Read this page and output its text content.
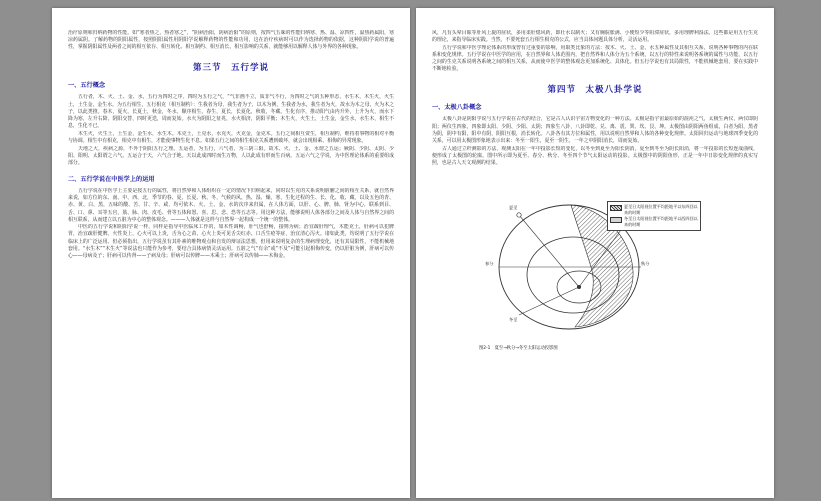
治疗原则和归纳药物的性能。如“寒者热之，热者寒之”，“阴病治阳，阴病治阳”的原则，按四气五味的性能归纳寒、热、温、凉四性，温热药属阳，寒凉药属阴。了解药物的阴阳属性，按照阴阳属性用阴阳学说解释药物的性能和功用，这在治疗疾病时可以作为选择药物的依据，这种阴阳学说的普遍性，掌握阴阳属性及两者之间的相互依存、相互转化、相互制约、相互消长、相互影响的关系，就能够用以解释人体与外界的各种现象。

第三节　五行学说
一、五行概念

五行者，木、火、土、金、水，五行为四时之序，四时为五行之气，“气非画不立，质非气不行，为四时之气的五种形态，水生木，木生火，火生土，土生金，金生水。为五行相生，五行相克（相互制约）：生我者为母，我生者为子，以木为例，生我者为水，我生者为火，故水为木之母，火为木之子，以此类推。春木，夏火，长夏土，秋金，冬水，顺序相生，春生，夏长，长夏化，秋收，冬藏，生化有序，推动阳气由内升外，上升为火，而水下降为寒，左升右降，阴阳交替，四时更迭，周而复始。水火为阴阳之征兆，水火相济，阴阳平衡；木生火，火生土，土生金，金生水，水生木，相生不息，生化不已。

木生火，火生土，土生金，金生水，水生木。木克土，土克水，水克火，火克金，金克木。五行之间相互资生，相互制约，维持着事物的相对平衡与协调。相生中有相克，相克中有相生，才能使事物生化不息。如果五行之间的相生相克关系遭到破坏，就会出现相乘、相侮的异常现象。

天地之大，疾病之源，不外于阴阳五行之理。五运者，为五行，六气者，为三阴三阳。故木、火、土、金、水谓之五运；厥阴、少阴、太阴、少阳、阳明、太阳谓之六气。五运合于天，六气合于地。天以此成四时而生万物，人以此成有形而生百病。五运六气之学说，为中医理论体系的重要组成部分。

二、五行学说在中医学上的运用

五行学说在中医学上主要是按五行的属性，将自然界和人体组织在一定的情况下归纳起来，同时以生克的关系说明脏腑之间的相互关系，就自然界来说，如方位的东、南、中、西、北，季节的春、夏、长夏、秋、冬，气候的风、热、湿、燥、寒，生化过程的生、长、化、收、藏，以及五色的青、赤、黄、白、黑，五味的酸、苦、甘、辛、咸，均可依木、火、土、金、水的次序来归属，在人体方面，以肝、心、脾、肺、肾为中心，联系到目、舌、口、鼻、耳等五官，筋、脉、肉、皮毛、骨等五体和怒、喜、思、悲、恐等五志等。用这种方法，能够说明人体各部分之间及人体与自然界之间的相互联系，从而建立以五脏为中心的整体观念。———人体就是这样与自然界一起构成一个统一的整体。

中医的五行学说和阴阳学说一样，同样是指导中医临床工作的，如木性调畅，肝气也舒畅，接则为病；治宜疏肝理气，木能克土，肝病可以犯脾胃，治宜疏肝健脾。火性炎上，心火可以上炎，舌为心之苗，心火上炎可见舌尖红赤、口舌生疮等症，治宜清心泻火。诸如此类，均说明了五行学说在临床上的广泛运用。但必须指出，五行学说虽有其朴素的唯物观点和自发的辩证法思想，但用来说明复杂的生理病理变化，还有其局限性，不能机械地套用。“水生木”“木生火”等说法也只能作为参考，要结合具体病情灵活运用。五脏之气“有余”或“不及”可能引起相侮传变，仍以肝脏为例，肝病可以传心——母病及子；肝病可以传肾——子病及母；肝病可以传脾——木乘土；肝病可以传肺——木侮金。

风，凡有头晕目眩等肝风上旋的症状，多用柔肝熄风药，即壮水以制火；又有胸脘胀满、小便短少等阻滞症状，多用理脾利湿法。这些都是用五行生克的理论，来指导临床实践。当然，不要死套五行相生相克的公式，应当具体问题具体分析，灵活运用。

五行学说和中医学理论体系的形成曾有过重要的影响，用取类比象的方法：按木、火、土、金、水五种属性及其相互关系，说明各种事物的内在联系和变化规律。五行学说在中医学的应用，在自然界和人体范围内，把自然界和人体分为五个系统，以五行的特性来说明各系统的属性与功能，以五行之间的生克关系说明各系统之间的相互关系，从而使中医学的整体观念更加系统化、具体化。但五行学说也有其局限性，不能机械地套用，要在实践中不断地检验。

第四节　太极八卦学说
一、太极八卦概念

太极八卦是阴阳学说与五行学说在古代的结合，它是古人认识宇宙万物变化的一种方法。太极是指宇宙最原始的混沌之气，太极生两仪，两仪即阴阳；两仪生四象，四象即太阳、少阴、少阳、太阴；四象生八卦，八卦即乾、兑、离、震、巽、坎、艮、坤。太极图由阴阳两鱼组成，白者为阳，黑者为阴，阴中有阳，阳中有阴，阴阳互根，消长转化。八卦各有其方位和属性，用以说明自然界和人体的各种变化规律。太阳回归运动与地球四季变化的关系，可以用太极图形象地表示出来：冬至一阳生，夏至一阴生，一年之中阴阳消长，周而复始。

古人通过立杆测影的方法，观测太阳在一年中投影长短的变化，以冬至到夏至为阳长阴消，夏至到冬至为阴长阳消，将一年投影的长短连成曲线，便形成了太极图的轮廓。图中所示即为夏至、春分、秋分、冬至四个节气太阳运动的投影。太极图中的阴阳鱼形，正是一年中日影变化规律的真实写照，也是古人天文观测的结果。

夏至
春分	秋分
冬至
夏至日太阳视位置平均距地平以东四回以来的时期
冬至日太阳视位置平均距地平以西四回以来的时期
图2-1　夏至→秋分→冬至太阳运动投影图
